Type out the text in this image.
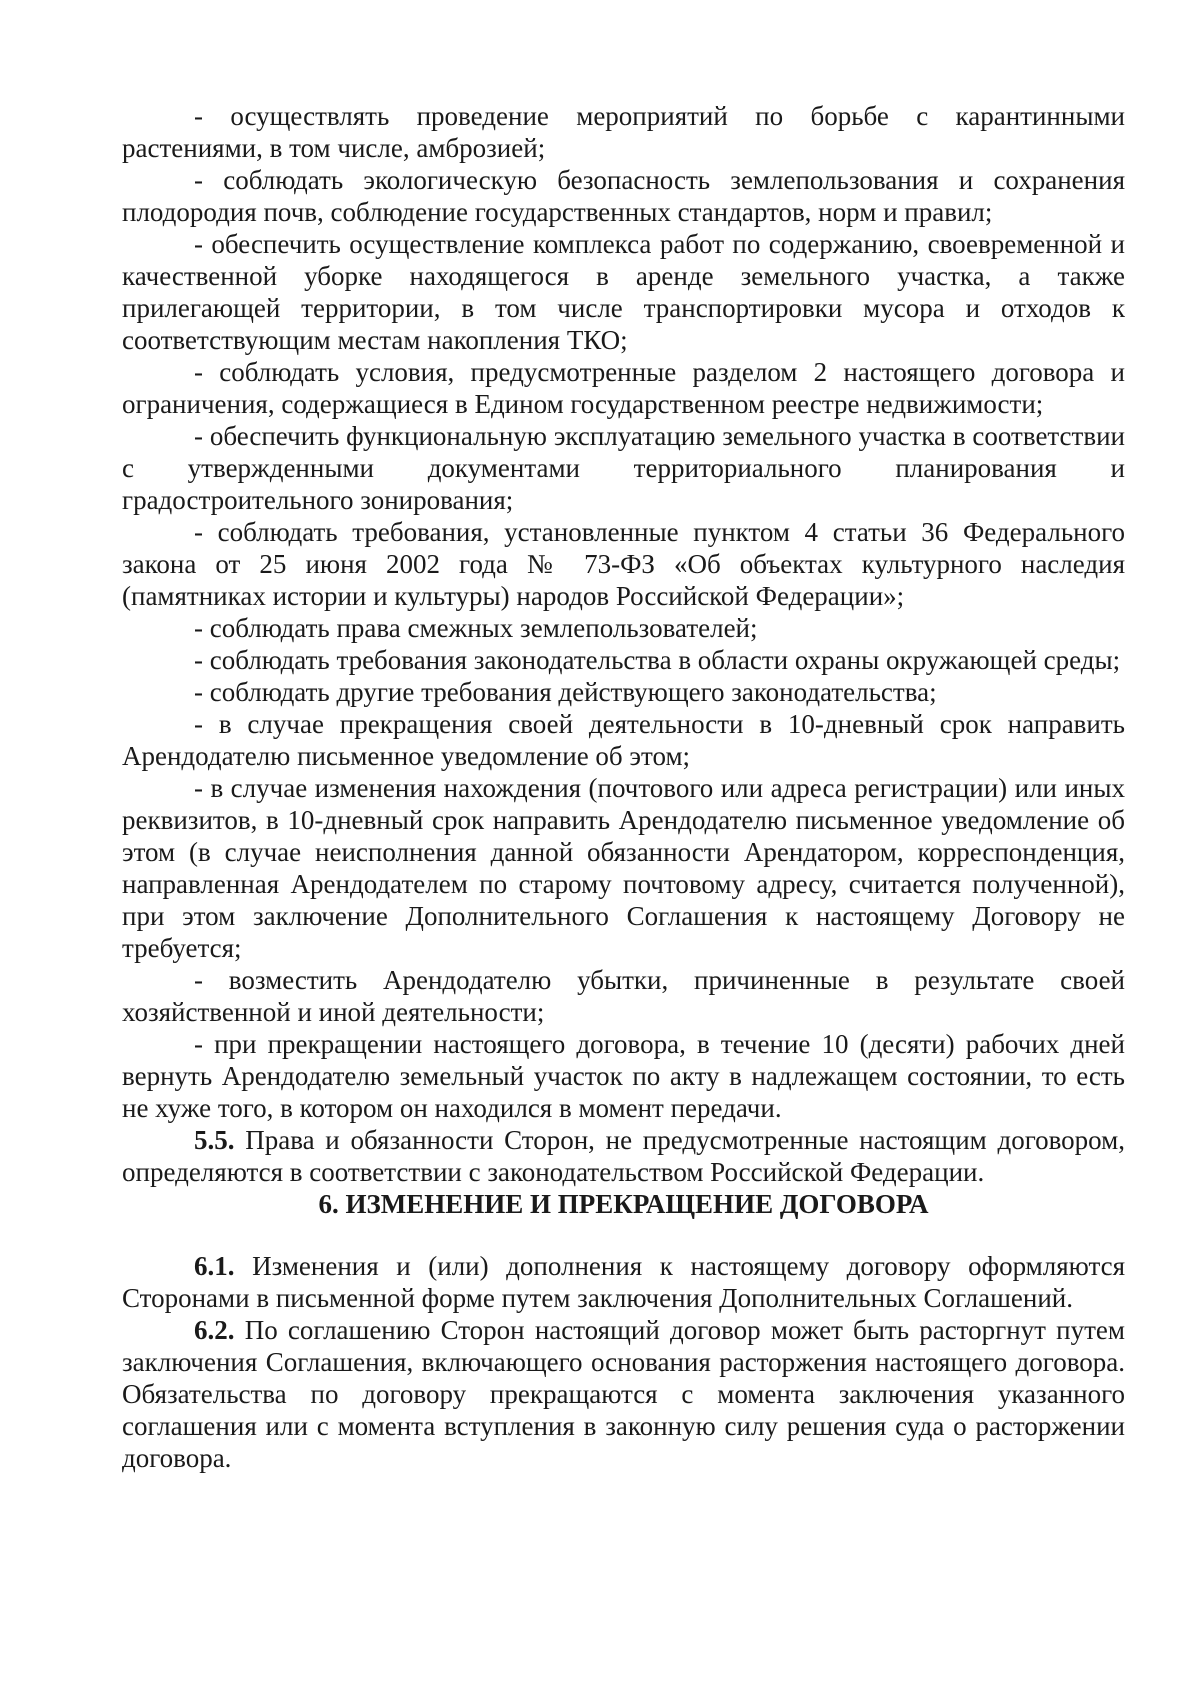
- осуществлять проведение мероприятий по борьбе с карантинными растениями, в том числе, амброзией;

- соблюдать экологическую безопасность землепользования и сохранения плодородия почв, соблюдение государственных стандартов, норм и правил;

- обеспечить осуществление комплекса работ по содержанию, своевременной и качественной уборке находящегося в аренде земельного участка, а также прилегающей территории, в том числе транспортировки мусора и отходов к соответствующим местам накопления ТКО;

- соблюдать условия, предусмотренные разделом 2 настоящего договора и ограничения, содержащиеся в Едином государственном реестре недвижимости;

- обеспечить функциональную эксплуатацию земельного участка в соответствии с утвержденными документами территориального планирования и градостроительного зонирования;

- соблюдать требования, установленные пунктом 4 статьи 36 Федерального закона от 25 июня 2002 года № 73-ФЗ «Об объектах культурного наследия (памятниках истории и культуры) народов Российской Федерации»;

- соблюдать права смежных землепользователей;

- соблюдать требования законодательства в области охраны окружающей среды;

- соблюдать другие требования действующего законодательства;

- в случае прекращения своей деятельности в 10-дневный срок направить Арендодателю письменное уведомление об этом;

- в случае изменения нахождения (почтового или адреса регистрации) или иных реквизитов, в 10-дневный срок направить Арендодателю письменное уведомление об этом (в случае неисполнения данной обязанности Арендатором, корреспонденция, направленная Арендодателем по старому почтовому адресу, считается полученной), при этом заключение Дополнительного Соглашения к настоящему Договору не требуется;

- возместить Арендодателю убытки, причиненные в результате своей хозяйственной и иной деятельности;

- при прекращении настоящего договора, в течение 10 (десяти) рабочих дней вернуть Арендодателю земельный участок по акту в надлежащем состоянии, то есть не хуже того, в котором он находился в момент передачи.

5.5. Права и обязанности Сторон, не предусмотренные настоящим договором, определяются в соответствии с законодательством Российской Федерации.

6. ИЗМЕНЕНИЕ И ПРЕКРАЩЕНИЕ ДОГОВОРА

6.1. Изменения и (или) дополнения к настоящему договору оформляются Сторонами в письменной форме путем заключения Дополнительных Соглашений.

6.2. По соглашению Сторон настоящий договор может быть расторгнут путем заключения Соглашения, включающего основания расторжения настоящего договора. Обязательства по договору прекращаются с момента заключения указанного соглашения или с момента вступления в законную силу решения суда о расторжении договора.
